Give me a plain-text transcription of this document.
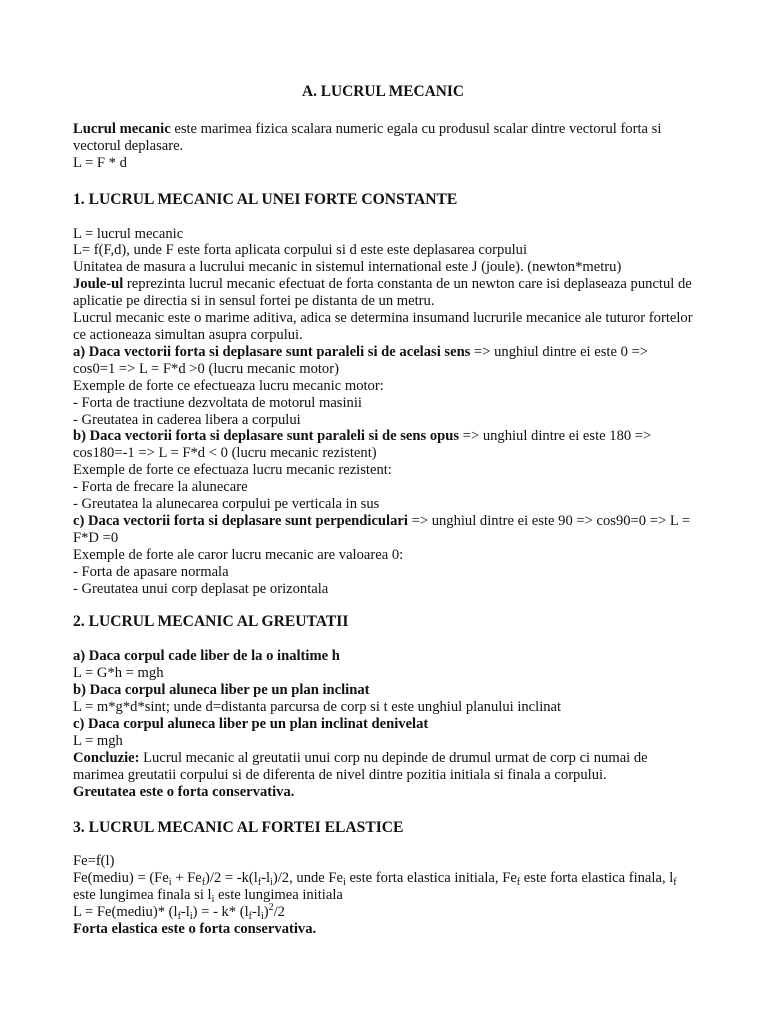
A. LUCRUL MECANIC

Lucrul mecanic este marimea fizica scalara numeric egala cu produsul scalar dintre vectorul forta si vectorul deplasare.

L = F * d

1. LUCRUL MECANIC AL UNEI FORTE CONSTANTE

L = lucrul mecanic

L= f(F,d), unde F este forta aplicata corpului si d este este deplasarea corpului

Unitatea de masura a lucrului mecanic in sistemul international este J (joule). (newton*metru)

Joule-ul reprezinta lucrul mecanic efectuat de forta constanta de un newton care isi deplaseaza punctul de aplicatie pe directia si in sensul fortei pe distanta de un metru.

Lucrul mecanic este o marime aditiva, adica se determina insumand lucrurile mecanice ale tuturor fortelor ce actioneaza simultan asupra corpului.

a) Daca vectorii forta si deplasare sunt paraleli si de acelasi sens => unghiul dintre ei este 0 => cos0=1 => L = F*d >0 (lucru mecanic motor)

Exemple de forte ce efectueaza lucru mecanic motor:

- Forta de tractiune dezvoltata de motorul masinii

- Greutatea in caderea libera a corpului

b) Daca vectorii forta si deplasare sunt paraleli si de sens opus => unghiul dintre ei este 180 => cos180=-1 => L = F*d < 0 (lucru mecanic rezistent)

Exemple de forte ce efectuaza lucru mecanic rezistent:

- Forta de frecare la alunecare

- Greutatea la alunecarea corpului pe verticala in sus

c) Daca vectorii forta si deplasare sunt perpendiculari => unghiul dintre ei este 90 => cos90=0 => L = F*D =0

Exemple de forte ale caror lucru mecanic are valoarea 0:

- Forta de apasare normala

- Greutatea unui corp deplasat pe orizontala

2. LUCRUL MECANIC AL GREUTATII

a) Daca corpul cade liber de la o inaltime h

L = G*h = mgh

b) Daca corpul aluneca liber pe un plan inclinat

L = m*g*d*sint; unde d=distanta parcursa de corp si t este unghiul planului inclinat

c) Daca corpul aluneca liber pe un plan inclinat denivelat

L = mgh

Concluzie: Lucrul mecanic al greutatii unui corp nu depinde de drumul urmat de corp ci numai de marimea greutatii corpului si de diferenta de nivel dintre pozitia initiala si finala a corpului.

Greutatea este o forta conservativa.

3. LUCRUL MECANIC AL FORTEI ELASTICE

Fe=f(l)

Fe(mediu) = $(Fe_i + Fe_f)/2 = -k(l_f-l_i)/2$, unde $Fe_i$ este forta elastica initiala, $Fe_f$ este forta elastica finala, $l_f$ este lungimea finala si $l_i$ este lungimea initiala

L = Fe(mediu)* $(l_f-l_i)$ = - k* $(l_f-l_i)^2/2$

Forta elastica este o forta conservativa.
